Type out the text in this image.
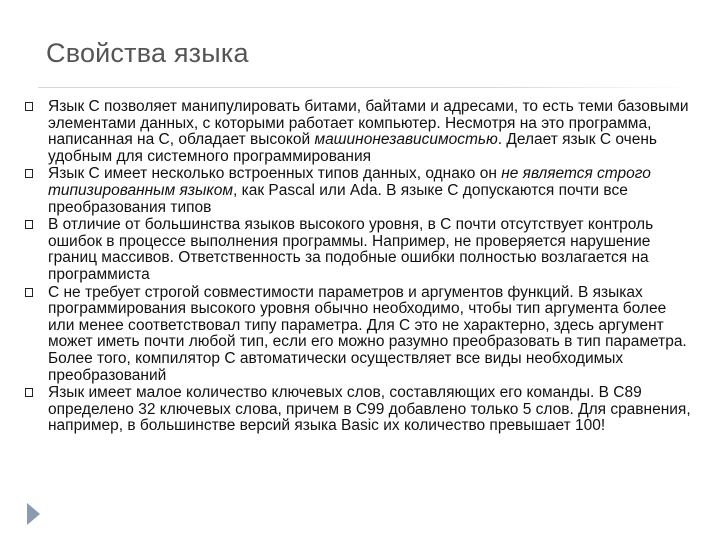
Свойства языка
Язык С позволяет манипулировать битами, байтами и адресами, то есть теми базовыми элементами данных, с которыми работает компьютер. Несмотря на это программа, написанная на С, обладает высокой машинонезависимостью. Делает язык С очень удобным для системного программирования
Язык С имеет несколько встроенных типов данных, однако он не является строго типизированным языком, как Pascal или Ada. В языке С допускаются почти все преобразования типов
В отличие от большинства языков высокого уровня, в С почти отсутствует контроль ошибок в процессе выполнения программы. Например, не проверяется нарушение границ массивов. Ответственность за подобные ошибки полностью возлагается на программиста
С не требует строгой совместимости параметров и аргументов функций. В языках программирования высокого уровня обычно необходимо, чтобы тип аргумента более или менее соответствовал типу параметра. Для С это не характерно, здесь аргумент может иметь почти любой тип, если его можно разумно преобразовать в тип параметра. Более того, компилятор С автоматически осуществляет все виды необходимых преобразований
Язык имеет малое количество ключевых слов, составляющих его команды. В С89 определено 32 ключевых слова, причем в С99 добавлено только 5 слов. Для сравнения, например, в большинстве версий языка Basic их количество превышает 100!
